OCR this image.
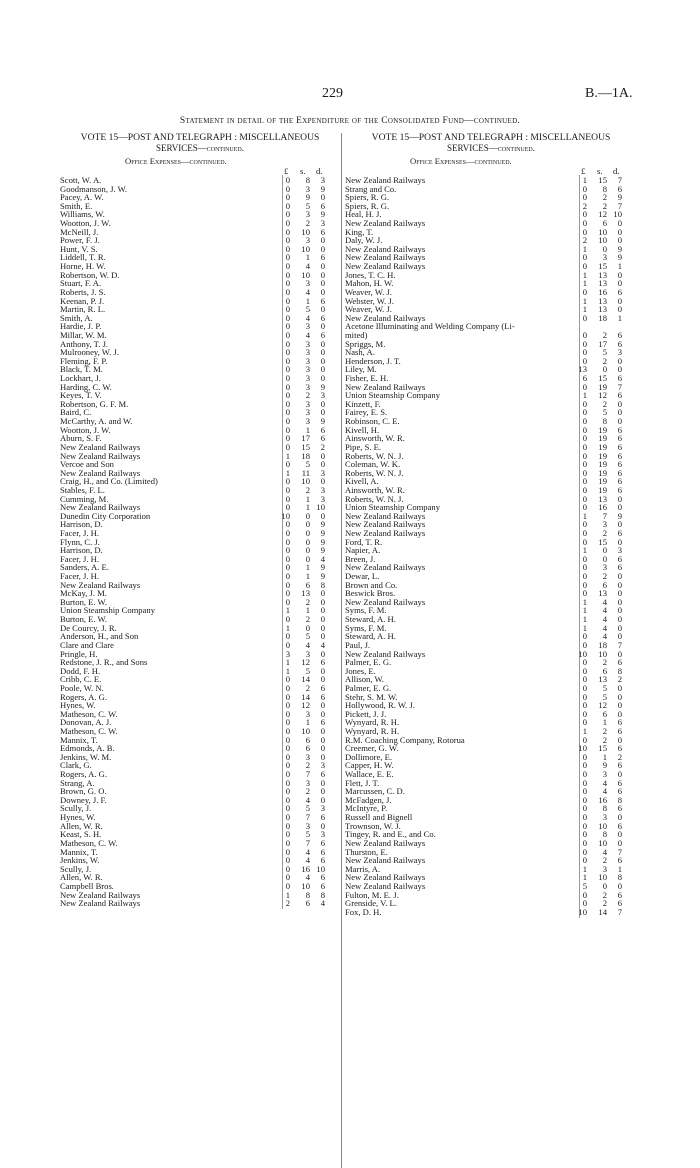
229	B.—1A.
Statement in detail of the Expenditure of the Consolidated Fund—continued.
VOTE 15—POST AND TELEGRAPH : MISCELLANEOUS
SERVICES—continued.
Office Expenses—continued.
£ s. d.
Scott, W. A.	0 8 3
Goodmanson, J. W.	0 3 9
Pacey, A. W.	0 9 0
Smith, E.	0 5 6
Williams, W.	0 3 9
Wootton, J. W.	0 2 3
McNeill, J.	0 10 6
Power, F. J.	0 3 0
Hunt, V. S.	0 10 0
Liddell, T. R.	0 1 6
Horne, H. W.	0 4 0
Robertson, W. D.	0 10 0
Stuart, F. A.	0 3 0
Roberts, J. S.	0 4 0
Keenan, P. J.	0 1 6
Martin, R. L.	0 5 0
Smith, A.	0 4 6
Hardie, J. P.	0 3 0
Millar, W. M.	0 4 6
Anthony, T. J.	0 3 0
Mulrooney, W. J.	0 3 0
Fleming, F. P.	0 3 0
Black, T. M.	0 3 0
Lockhart, J.	0 3 0
Harding, C. W.	0 3 9
Keyes, T. V.	0 2 3
Robertson, G. F. M.	0 3 0
Baird, C.	0 3 0
McCarthy, A. and W.	0 3 9
Wootton, J. W.	0 1 6
Aburn, S. F.	0 17 6
New Zealand Railways	0 15 2
New Zealand Railways	1 18 0
Vercoe and Son	0 5 0
New Zealand Railways	1 11 3
Craig, H., and Co. (Limited)	0 10 0
Stables, F. L.	0 2 3
Cumming, M.	0 1 3
New Zealand Railways	0 1 10
Dunedin City Corporation	10 0 0
Harrison, D.	0 0 9
Facer, J. H.	0 0 9
Flynn, C. J.	0 0 9
Harrison, D.	0 0 9
Facer, J. H.	0 0 4
Sanders, A. E.	0 1 9
Facer, J. H.	0 1 9
New Zealand Railways	0 6 8
McKay, J. M.	0 13 0
Burton, E. W.	0 2 0
Union Steamship Company	1 1 0
Burton, E. W.	0 2 0
De Courcy, J. R.	1 0 0
Anderson, H., and Son	0 5 0
Clare and Clare	0 4 4
Pringle, H.	3 3 0
Redstone, J. R., and Sons	1 12 6
Dodd, F. H.	1 5 0
Cribb, C. E.	0 14 0
Poole, W. N.	0 2 6
Rogers, A. G.	0 14 6
Hynes, W.	0 12 0
Matheson, C. W.	0 3 0
Donovan, A. J.	0 1 6
Matheson, C. W.	0 10 0
Mannix, T.	0 6 0
Edmonds, A. B.	0 6 0
Jenkins, W. M.	0 3 0
Clark, G.	0 2 3
Rogers, A. G.	0 7 6
Strang, A.	0 3 0
Brown, G. O.	0 2 0
Downey, J. F.	0 4 0
Scully, J.	0 5 3
Hynes, W.	0 7 6
Allen, W. R.	0 3 0
Keast, S. H.	0 5 3
Matheson, C. W.	0 7 6
Mannix, T.	0 4 6
Jenkins, W.	0 4 6
Scully, J.	0 16 10
Allen, W. R.	0 4 6
Campbell Bros.	0 10 6
New Zealand Railways	1 8 8
New Zealand Railways	2 6 4
VOTE 15—POST AND TELEGRAPH : MISCELLANEOUS
SERVICES—continued.
Office Expenses—continued.
£ s. d.
New Zealand Railways	1 15 7
Strang and Co.	0 8 6
Spiers, R. G.	0 2 9
Spiers, R. G.	2 2 7
Heal, H. J.	0 12 10
New Zealand Railways	0 6 0
King, T.	0 10 0
Daly, W. J.	2 10 0
New Zealand Railways	1 0 9
New Zealand Railways	0 3 9
New Zealand Railways	0 15 1
Jones, T. C. H.	1 13 0
Mahon, H. W.	1 13 0
Weaver, W. J.	0 16 6
Webster, W. J.	1 13 0
Weaver, W. J.	1 13 0
New Zealand Railways	0 18 1
Acetone Illuminating and Welding Company (Li-
mited)	0 2 6
Spriggs, M.	0 17 6
Nash, A.	0 5 3
Henderson, J. T.	0 2 0
Liley, M.	13 0 0
Fisher, E. H.	6 15 6
New Zealand Railways	0 19 7
Union Steamship Company	1 12 6
Kinzett, F.	0 2 0
Fairey, E. S.	0 5 0
Robinson, C. E.	0 8 0
Kivell, H.	0 19 6
Ainsworth, W. R.	0 19 6
Pipe, S. E.	0 19 6
Roberts, W. N. J.	0 19 6
Coleman, W. K.	0 19 6
Roberts, W. N. J.	0 19 6
Kivell, A.	0 19 6
Ainsworth, W. R.	0 19 6
Roberts, W. N. J.	0 13 0
Union Steamship Company	0 16 0
New Zealand Railways	1 7 9
New Zealand Railways	0 3 0
New Zealand Railways	0 2 6
Ford, T. R.	0 15 0
Napier, A.	1 0 3
Breen, J.	0 0 6
New Zealand Railways	0 3 6
Dewar, L.	0 2 0
Brown and Co.	0 6 0
Beswick Bros.	0 13 0
New Zealand Railways	1 4 0
Syms, F. M.	1 4 0
Steward, A. H.	1 4 0
Syms, F. M.	1 4 0
Steward, A. H.	0 4 0
Paul, J.	0 18 7
New Zealand Railways	10 10 0
Palmer, E. G.	0 2 6
Jones, E.	0 6 8
Allison, W.	0 13 2
Palmer, E. G.	0 5 0
Stehr, S. M. W.	0 5 0
Hollywood, R. W. J.	0 12 0
Pickett, J. J.	0 6 0
Wynyard, R. H.	0 1 6
Wynyard, R. H.	1 2 6
R.M. Coaching Company, Rotorua	0 2 0
Creemer, G. W.	10 15 6
Dollimore, E.	0 1 2
Capper, H. W.	0 9 6
Wallace, E. E.	0 3 0
Flett, J. T.	0 4 6
Marcussen, C. D.	0 4 6
McFadgen, J.	0 16 8
McIntyre, P.	0 8 6
Russell and Bignell	0 3 0
Trownson, W. J.	0 10 6
Tingey, R. and E., and Co.	0 8 0
New Zealand Railways	0 10 0
Thurston, E.	0 4 7
New Zealand Railways	0 2 6
Marris, A.	1 3 1
New Zealand Railways	1 10 8
New Zealand Railways	5 0 0
Fulton, M. E. J.	0 2 6
Grenside, V. L.	0 2 6
Fox, D. H.	10 14 7
